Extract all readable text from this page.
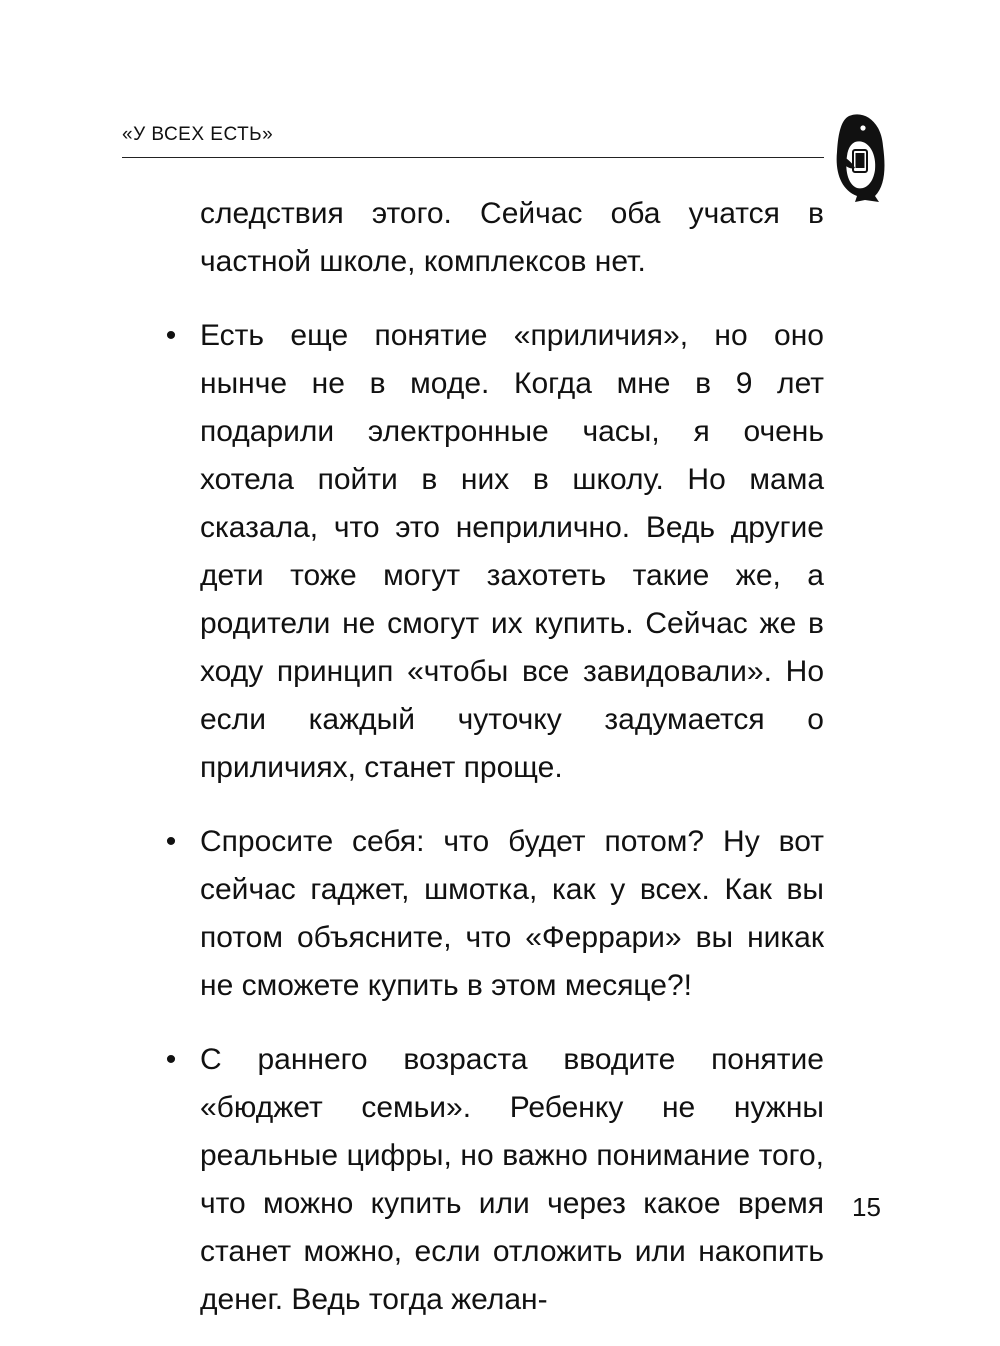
«У ВСЕХ ЕСТЬ»

следствия этого. Сейчас оба учатся в частной школе, комплексов нет.

• Есть еще понятие «приличия», но оно нынче не в моде. Когда мне в 9 лет подарили электронные часы, я очень хотела пойти в них в школу. Но мама сказала, что это неприлично. Ведь другие дети тоже могут захотеть такие же, а родители не смогут их купить. Сейчас же в ходу принцип «чтобы все завидовали». Но если каждый чуточку задумается о приличиях, станет проще.

• Спросите себя: что будет потом? Ну вот сейчас гаджет, шмотка, как у всех. Как вы потом объясните, что «Феррари» вы никак не сможете купить в этом месяце?!

• С раннего возраста вводите понятие «бюджет семьи». Ребенку не нужны реальные цифры, но важно понимание того, что можно купить или через какое время станет можно, если отложить или накопить денег. Ведь тогда желан-

15
